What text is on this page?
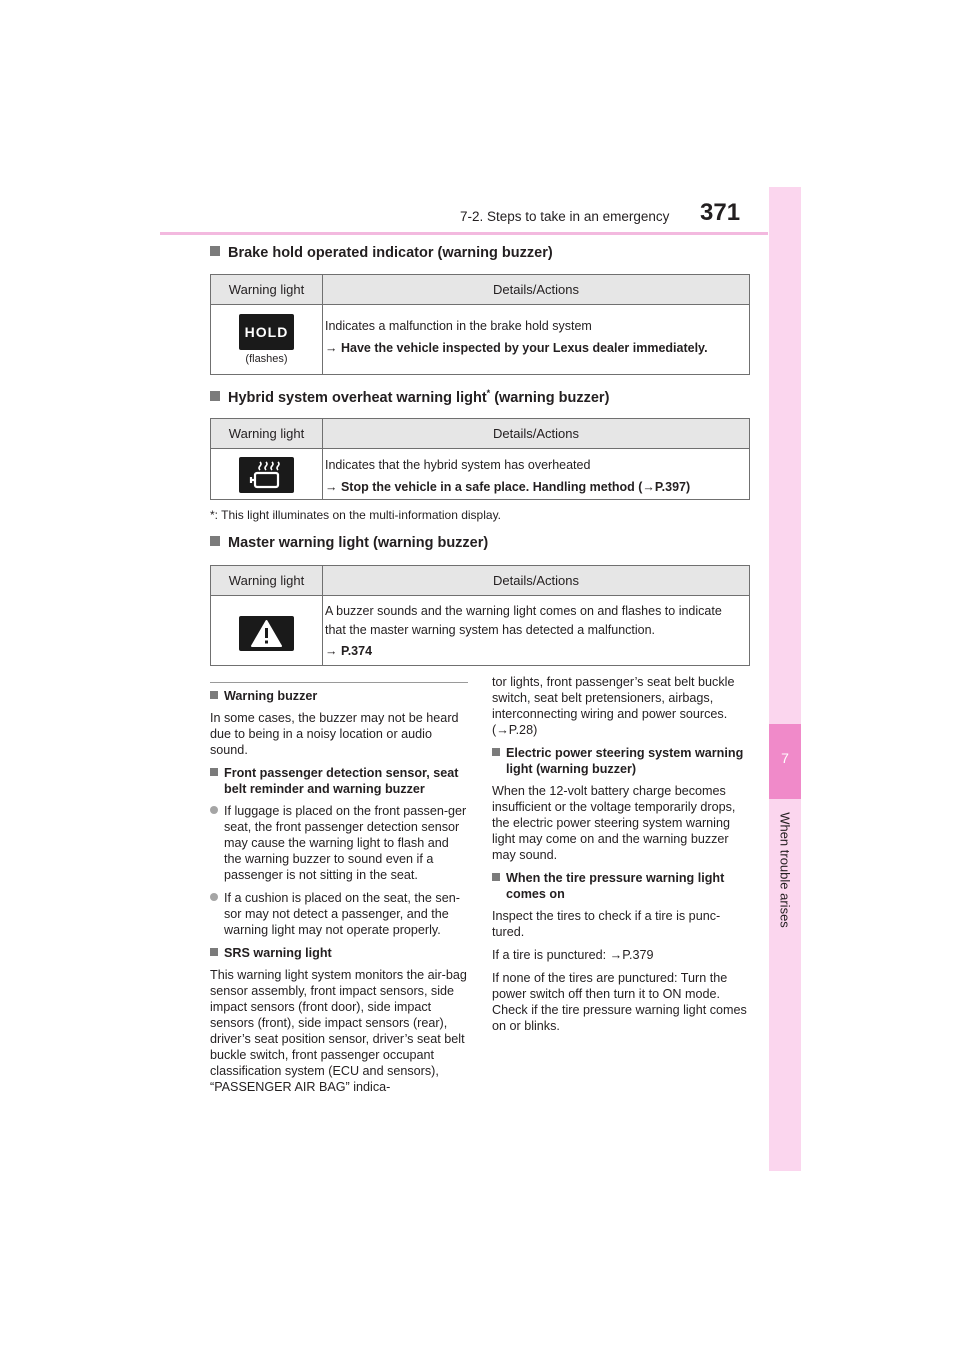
7-2. Steps to take in an emergency 371
7
When trouble arises
Brake hold operated indicator (warning buzzer)
Warning light	Details/Actions
HOLD
(flashes)
Indicates a malfunction in the brake hold system
→ Have the vehicle inspected by your Lexus dealer immediately.
Hybrid system overheat warning light* (warning buzzer)
Warning light	Details/Actions
Indicates that the hybrid system has overheated
→ Stop the vehicle in a safe place. Handling method (→P.397)
*: This light illuminates on the multi-information display.
Master warning light (warning buzzer)
Warning light	Details/Actions
A buzzer sounds and the warning light comes on and flashes to indicate that the master warning system has detected a malfunction.
→ P.374

Warning buzzer

In some cases, the buzzer may not be heard due to being in a noisy location or audio sound.

Front passenger detection sensor, seat belt reminder and warning buzzer

If luggage is placed on the front passen-ger seat, the front passenger detection sensor may cause the warning light to flash and the warning buzzer to sound even if a passenger is not sitting in the seat.

If a cushion is placed on the seat, the sen-sor may not detect a passenger, and the warning light may not operate properly.

SRS warning light

This warning light system monitors the air-bag sensor assembly, front impact sensors, side impact sensors (front door), side impact sensors (front), side impact sensors (rear), driver’s seat position sensor, driver’s seat belt buckle switch, front passenger occupant classification system (ECU and sensors), “PASSENGER AIR BAG” indica-

tor lights, front passenger’s seat belt buckle switch, seat belt pretensioners, airbags, interconnecting wiring and power sources. (→P.28)

Electric power steering system warning light (warning buzzer)

When the 12-volt battery charge becomes insufficient or the voltage temporarily drops, the electric power steering system warning light may come on and the warning buzzer may sound.

When the tire pressure warning light comes on

Inspect the tires to check if a tire is punc-tured.

If a tire is punctured: →P.379

If none of the tires are punctured: Turn the power switch off then turn it to ON mode. Check if the tire pressure warning light comes on or blinks.
